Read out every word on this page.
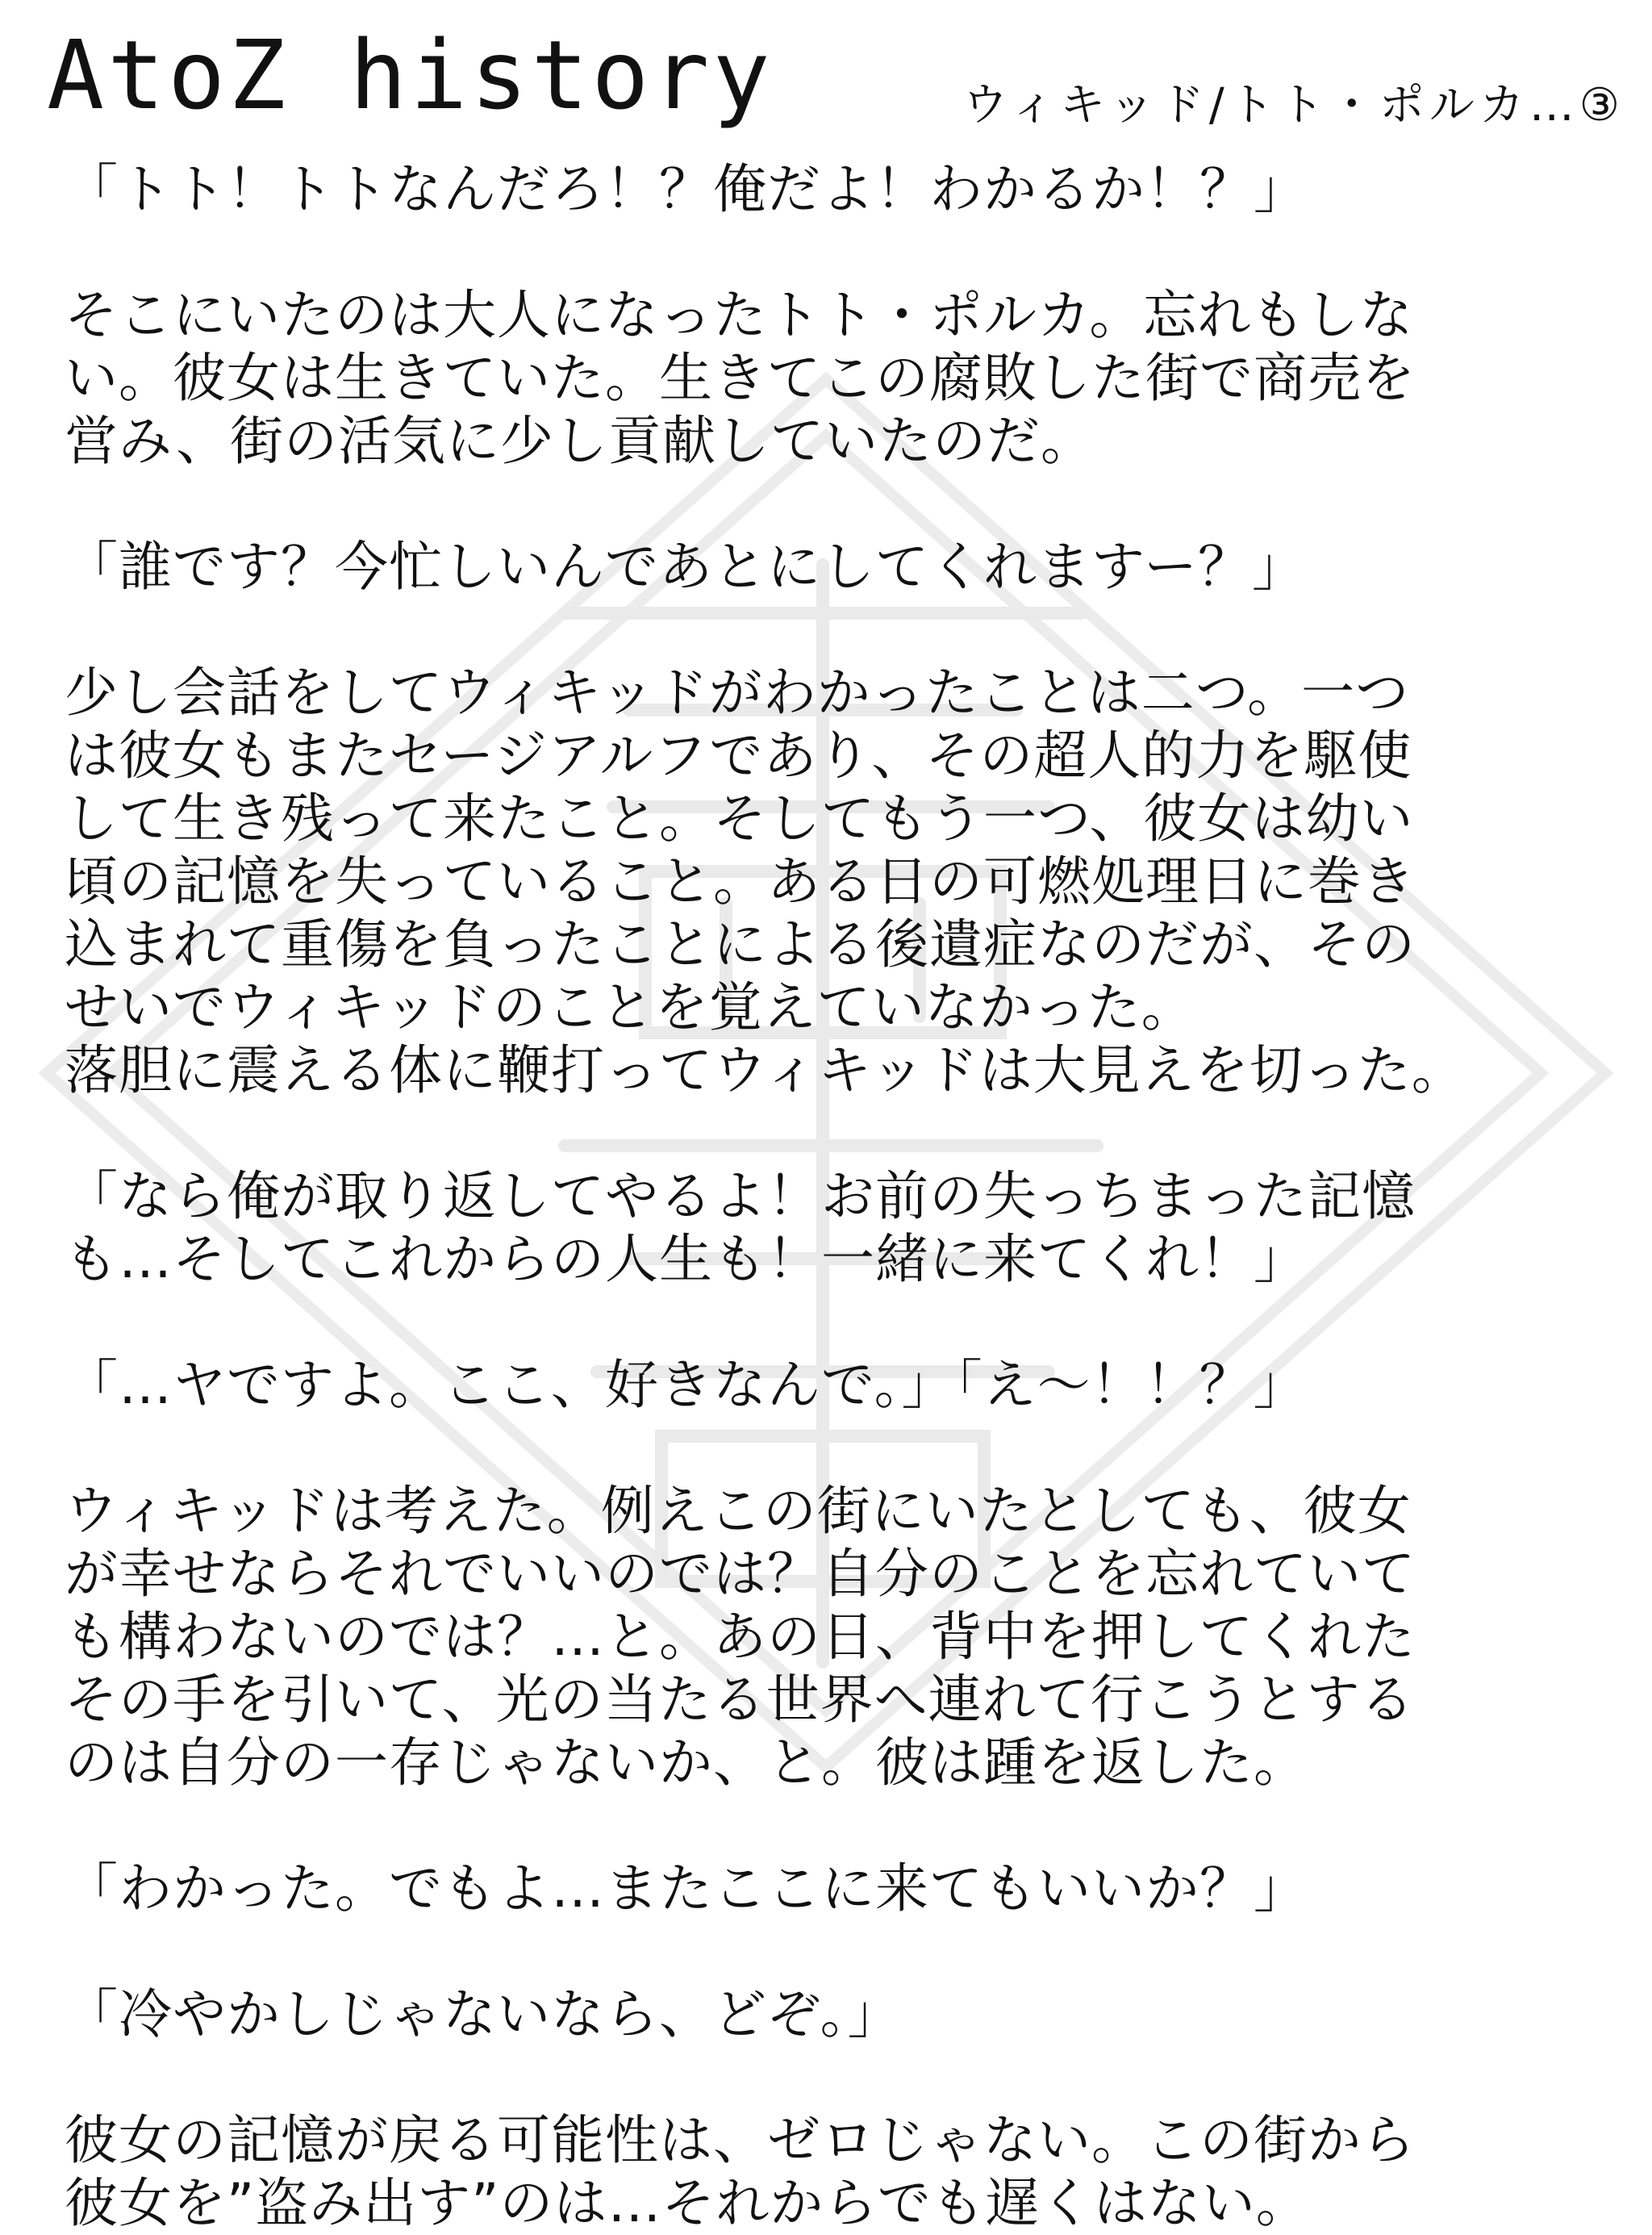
AtoZ history	ウィキッド/トト・ポルカ…③

「トト！トトなんだろ！？俺だよ！わかるか！？」

そこにいたのは大人になったトト・ポルカ。忘れもしな
い。彼女は生きていた。生きてこの腐敗した街で商売を
営み、街の活気に少し貢献していたのだ。

「誰です？今忙しいんであとにしてくれますー？」

少し会話をしてウィキッドがわかったことは二つ。一つ
は彼女もまたセージアルフであり、その超人的力を駆使
して生き残って来たこと。そしてもう一つ、彼女は幼い
頃の記憶を失っていること。ある日の可燃処理日に巻き
込まれて重傷を負ったことによる後遺症なのだが、その
せいでウィキッドのことを覚えていなかった。
落胆に震える体に鞭打ってウィキッドは大見えを切った。

「なら俺が取り返してやるよ！お前の失っちまった記憶
も…そしてこれからの人生も！一緒に来てくれ！」

「…ヤですよ。ここ、好きなんで。」「え〜！！？」

ウィキッドは考えた。例えこの街にいたとしても、彼女
が幸せならそれでいいのでは？自分のことを忘れていて
も構わないのでは？…と。あの日、背中を押してくれた
その手を引いて、光の当たる世界へ連れて行こうとする
のは自分の一存じゃないか、と。彼は踵を返した。

「わかった。でもよ…またここに来てもいいか？」

「冷やかしじゃないなら、どぞ。」

彼女の記憶が戻る可能性は、ゼロじゃない。この街から
彼女を”盗み出す”のは…それからでも遅くはない。
